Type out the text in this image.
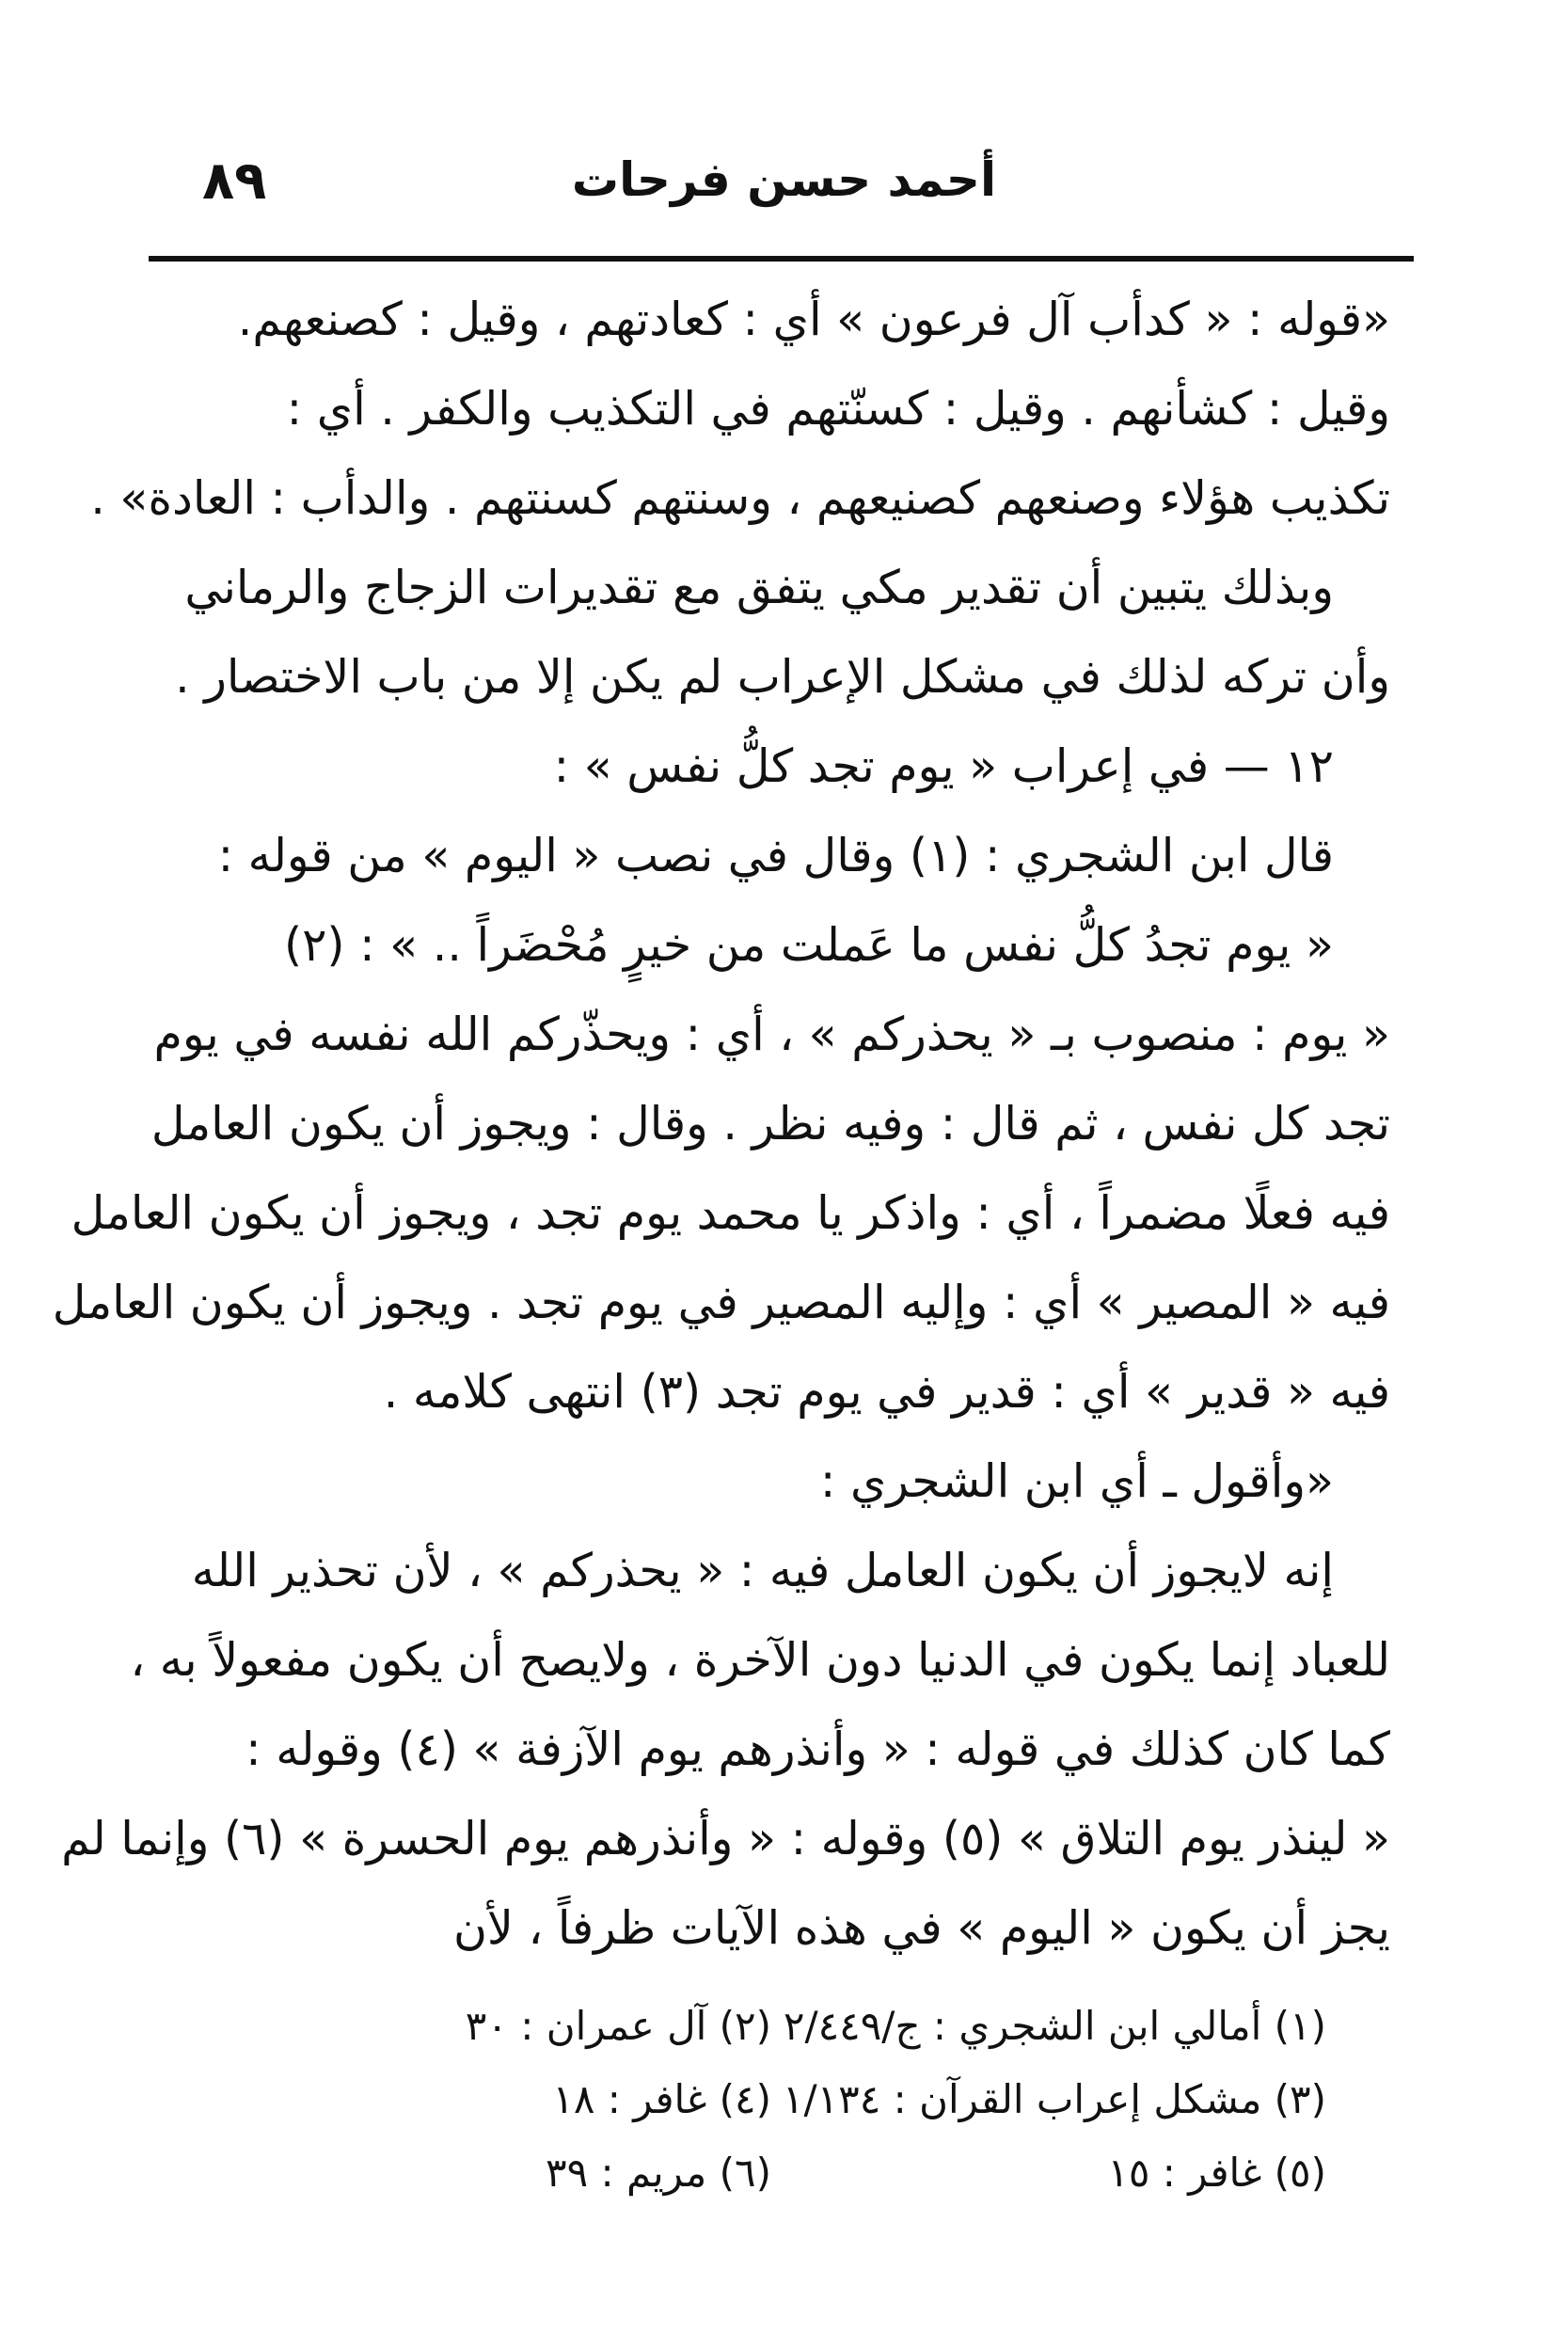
٨٩	أحمد حسن فرحات
«قوله : « كدأب آل فرعون » أي : كعادتهم ، وقيل : كصنعهم.
وقيل : كشأنهم . وقيل : كسنّتهم في التكذيب والكفر . أي :
تكذيب هؤلاء وصنعهم كصنيعهم ، وسنتهم كسنتهم . والدأب : العادة» .
وبذلك يتبين أن تقدير مكي يتفق مع تقديرات الزجاج والرماني
وأن تركه لذلك في مشكل الإعراب لم يكن إلا من باب الاختصار .
١٢ — في إعراب « يوم تجد كلُّ نفس » :
قال ابن الشجري : (١) وقال في نصب « اليوم » من قوله :
« يوم تجدُ كلُّ نفس ما عَملت من خيرٍ مُحْضَراً .. » : (٢)
« يوم : منصوب بـ « يحذركم » ، أي : ويحذّركم الله نفسه في يوم
تجد كل نفس ، ثم قال : وفيه نظر . وقال : ويجوز أن يكون العامل
فيه فعلًا مضمراً ، أي : واذكر يا محمد يوم تجد ، ويجوز أن يكون العامل
فيه « المصير » أي : وإليه المصير في يوم تجد . ويجوز أن يكون العامل
فيه « قدير » أي : قدير في يوم تجد (٣) انتهى كلامه .
«وأقول ـ أي ابن الشجري :
إنه لايجوز أن يكون العامل فيه : « يحذركم » ، لأن تحذير الله
للعباد إنما يكون في الدنيا دون الآخرة ، ولايصح أن يكون مفعولاً به ،
كما كان كذلك في قوله : « وأنذرهم يوم الآزفة » (٤) وقوله :
« لينذر يوم التلاق » (٥) وقوله : « وأنذرهم يوم الحسرة » (٦) وإنما لم
يجز أن يكون « اليوم » في هذه الآيات ظرفاً ، لأن
(١) أمالي ابن الشجري : ج/٢/٤٤٩
(٢) آل عمران : ٣٠
(٣) مشكل إعراب القرآن : ١/١٣٤
(٤) غافر : ١٨
(٥) غافر : ١٥
(٦) مريم : ٣٩
